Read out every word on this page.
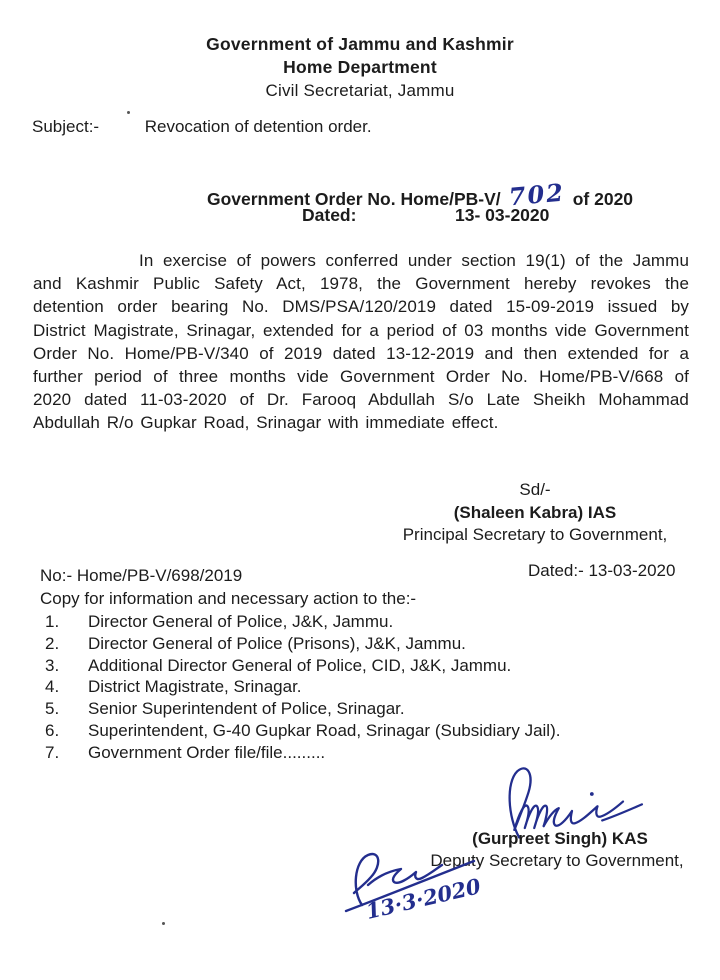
Government of Jammu and Kashmir
Home Department
Civil Secretariat, Jammu
Subject:-	Revocation of detention order.
Government Order No. Home/PB-V/ 702 of 2020
Dated:	13- 03-2020
In exercise of powers conferred under section 19(1) of the Jammu and Kashmir Public Safety Act, 1978, the Government hereby revokes the detention order bearing No. DMS/PSA/120/2019 dated 15-09-2019 issued by District Magistrate, Srinagar, extended for a period of 03 months vide Government Order No. Home/PB-V/340 of 2019 dated 13-12-2019 and then extended for a further period of three months vide Government Order No. Home/PB-V/668 of 2020 dated 11-03-2020 of Dr. Farooq Abdullah S/o Late Sheikh Mohammad Abdullah R/o Gupkar Road, Srinagar with immediate effect.
Sd/-
(Shaleen Kabra) IAS
Principal Secretary to Government,
No:- Home/PB-V/698/2019	Dated:- 13-03-2020
Copy for information and necessary action to the:-
1.	Director General of Police, J&K, Jammu.
2.	Director General of Police (Prisons), J&K, Jammu.
3.	Additional Director General of Police, CID, J&K, Jammu.
4.	District Magistrate, Srinagar.
5.	Senior Superintendent of Police, Srinagar.
6.	Superintendent, G-40 Gupkar Road, Srinagar (Subsidiary Jail).
7.	Government Order file/file.........
(Gurpreet Singh) KAS
Deputy Secretary to Government,
13·3·2020
